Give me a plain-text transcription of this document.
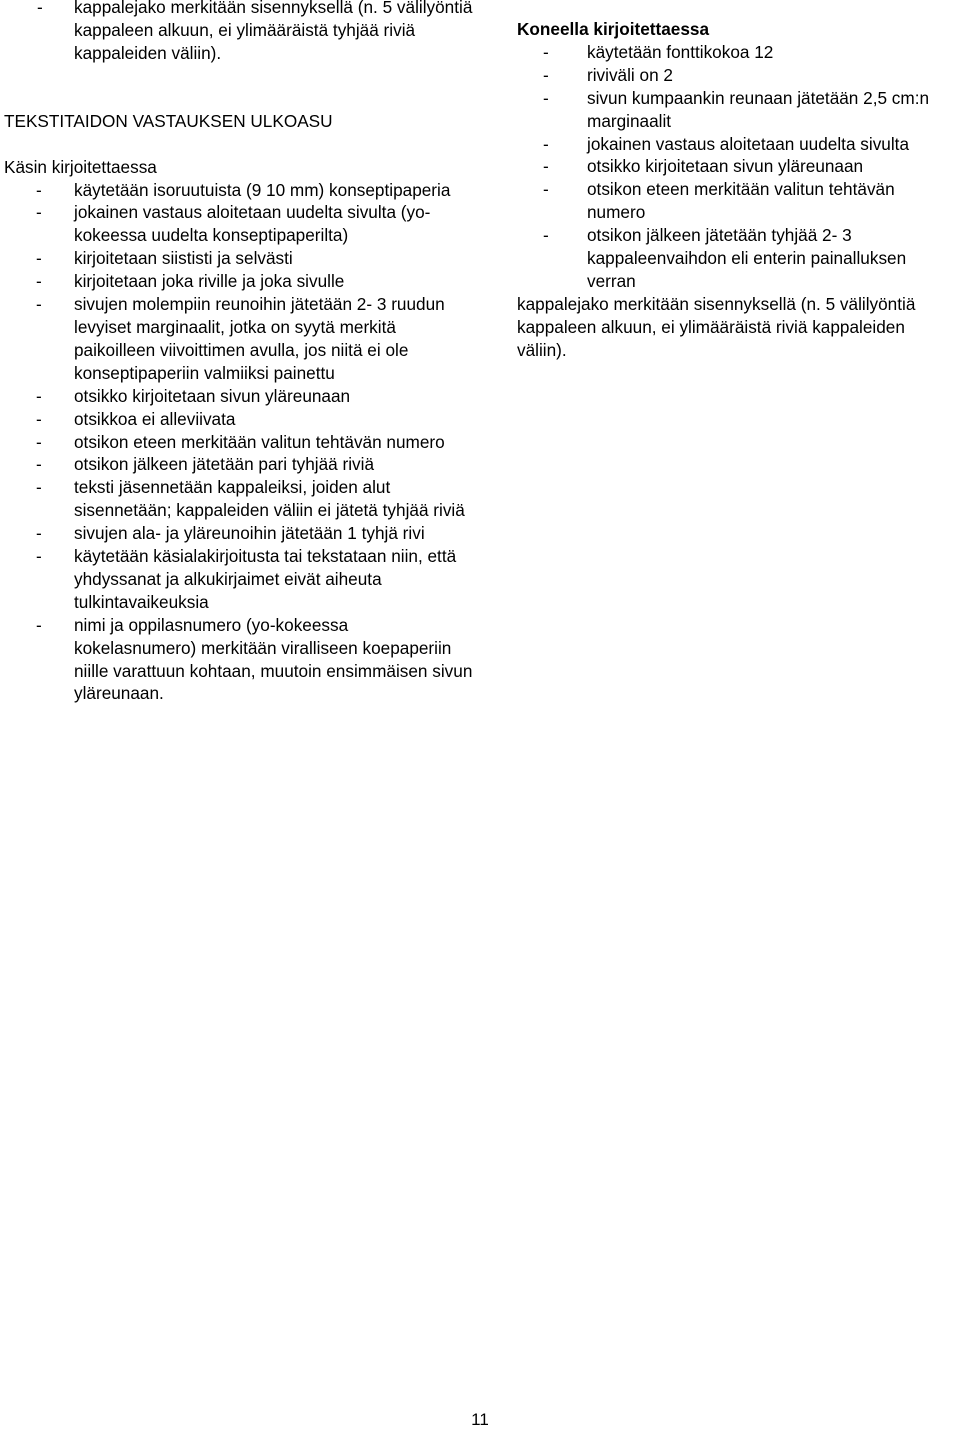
- kappalejako merkitään sisennyksellä (n. 5 välilyöntiä kappaleen alkuun, ei ylimääräistä tyhjää riviä kappaleiden väliin).

TEKSTITAIDON VASTAUKSEN ULKOASU

Käsin kirjoitettaessa

- käytetään isoruutuista (9 10 mm) konseptipaperia
- jokainen vastaus aloitetaan uudelta sivulta (yo-kokeessa uudelta konseptipaperilta)
- kirjoitetaan siististi ja selvästi
- kirjoitetaan joka riville ja joka sivulle
- sivujen molempiin reunoihin jätetään 2- 3 ruudun levyiset marginaalit, jotka on syytä merkitä paikoilleen viivoittimen avulla, jos niitä ei ole konseptipaperiin valmiiksi painettu
- otsikko kirjoitetaan sivun yläreunaan
- otsikkoa ei alleviivata
- otsikon eteen merkitään valitun tehtävän numero
- otsikon jälkeen jätetään pari tyhjää riviä
- teksti jäsennetään kappaleiksi, joiden alut sisennetään; kappaleiden väliin ei jätetä tyhjää riviä
- sivujen ala- ja yläreunoihin jätetään 1 tyhjä rivi
- käytetään käsialakirjoitusta tai tekstataan niin, että yhdyssanat ja alkukirjaimet eivät aiheuta tulkintavaikeuksia
- nimi ja oppilasnumero (yo-kokeessa kokelasnumero) merkitään viralliseen koepaperiin niille varattuun kohtaan, muutoin ensimmäisen sivun yläreunaan.

Koneella kirjoitettaessa

- käytetään fonttikokoa 12
- riviväli on 2
- sivun kumpaankin reunaan jätetään 2,5 cm:n marginaalit
- jokainen vastaus aloitetaan uudelta sivulta
- otsikko kirjoitetaan sivun yläreunaan
- otsikon eteen merkitään valitun tehtävän numero
- otsikon jälkeen jätetään tyhjää 2- 3 kappaleenvaihdon eli enterin painalluksen verran

kappalejako merkitään sisennyksellä (n. 5 välilyöntiä kappaleen alkuun, ei ylimääräistä riviä kappaleiden väliin).

11
